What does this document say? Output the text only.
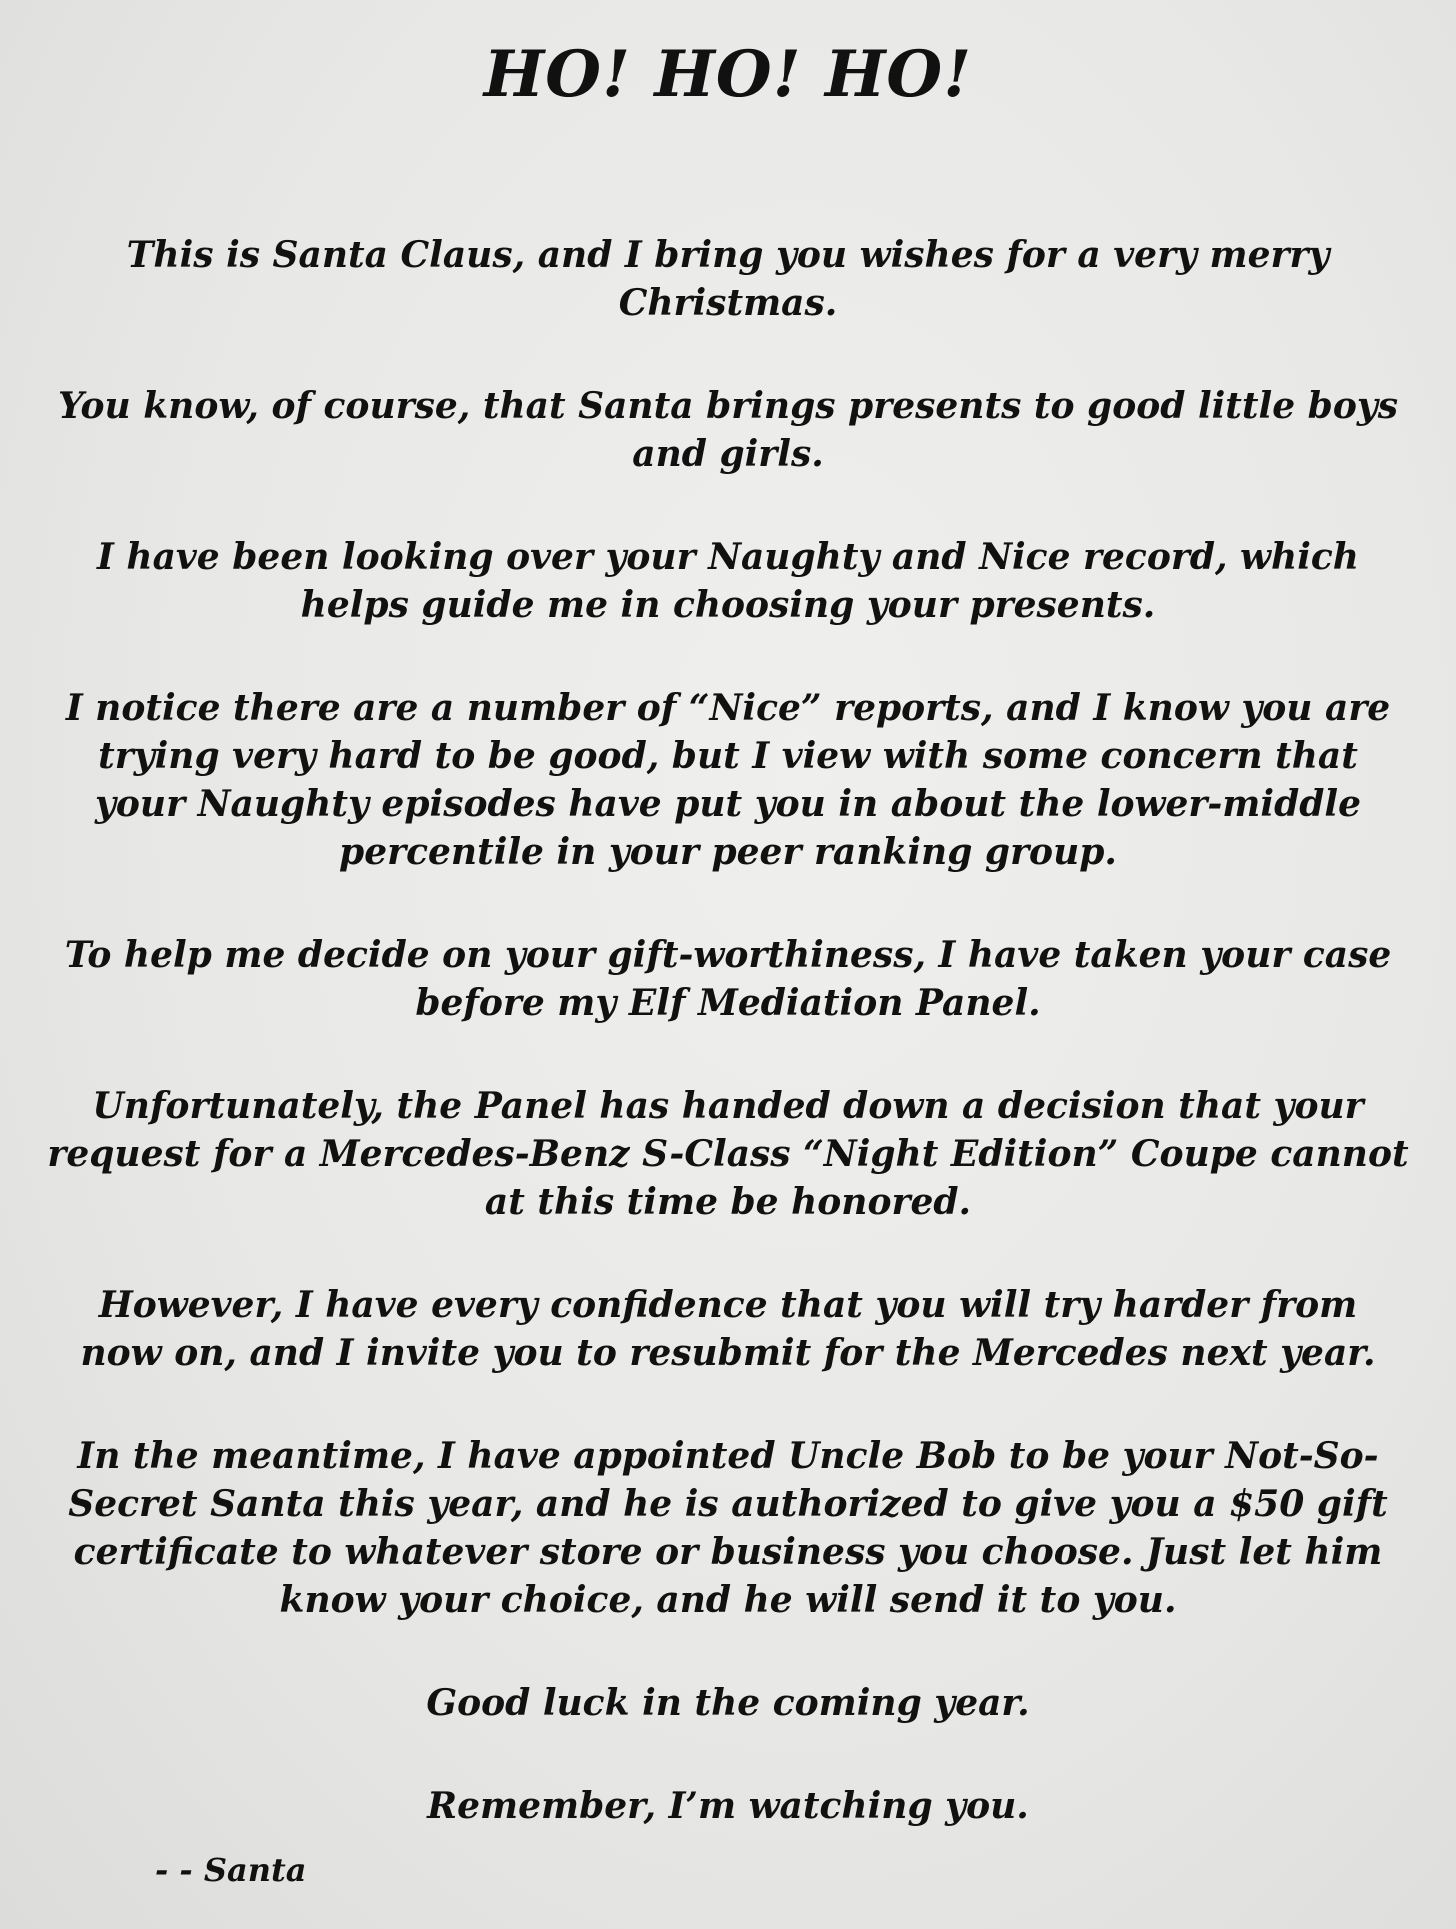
HO! HO! HO!

This is Santa Claus, and I bring you wishes for a very merry
Christmas.

You know, of course, that Santa brings presents to good little boys
and girls.

I have been looking over your Naughty and Nice record, which
helps guide me in choosing your presents.

I notice there are a number of “Nice” reports, and I know you are
trying very hard to be good, but I view with some concern that
your Naughty episodes have put you in about the lower-middle
percentile in your peer ranking group.

To help me decide on your gift-worthiness, I have taken your case
before my Elf Mediation Panel.

Unfortunately, the Panel has handed down a decision that your
request for a Mercedes-Benz S-Class “Night Edition” Coupe cannot
at this time be honored.

However, I have every confidence that you will try harder from
now on, and I invite you to resubmit for the Mercedes next year.

In the meantime, I have appointed Uncle Bob to be your Not-So-
Secret Santa this year, and he is authorized to give you a $50 gift
certificate to whatever store or business you choose. Just let him
know your choice, and he will send it to you.

Good luck in the coming year.

Remember, I’m watching you.

- - Santa
